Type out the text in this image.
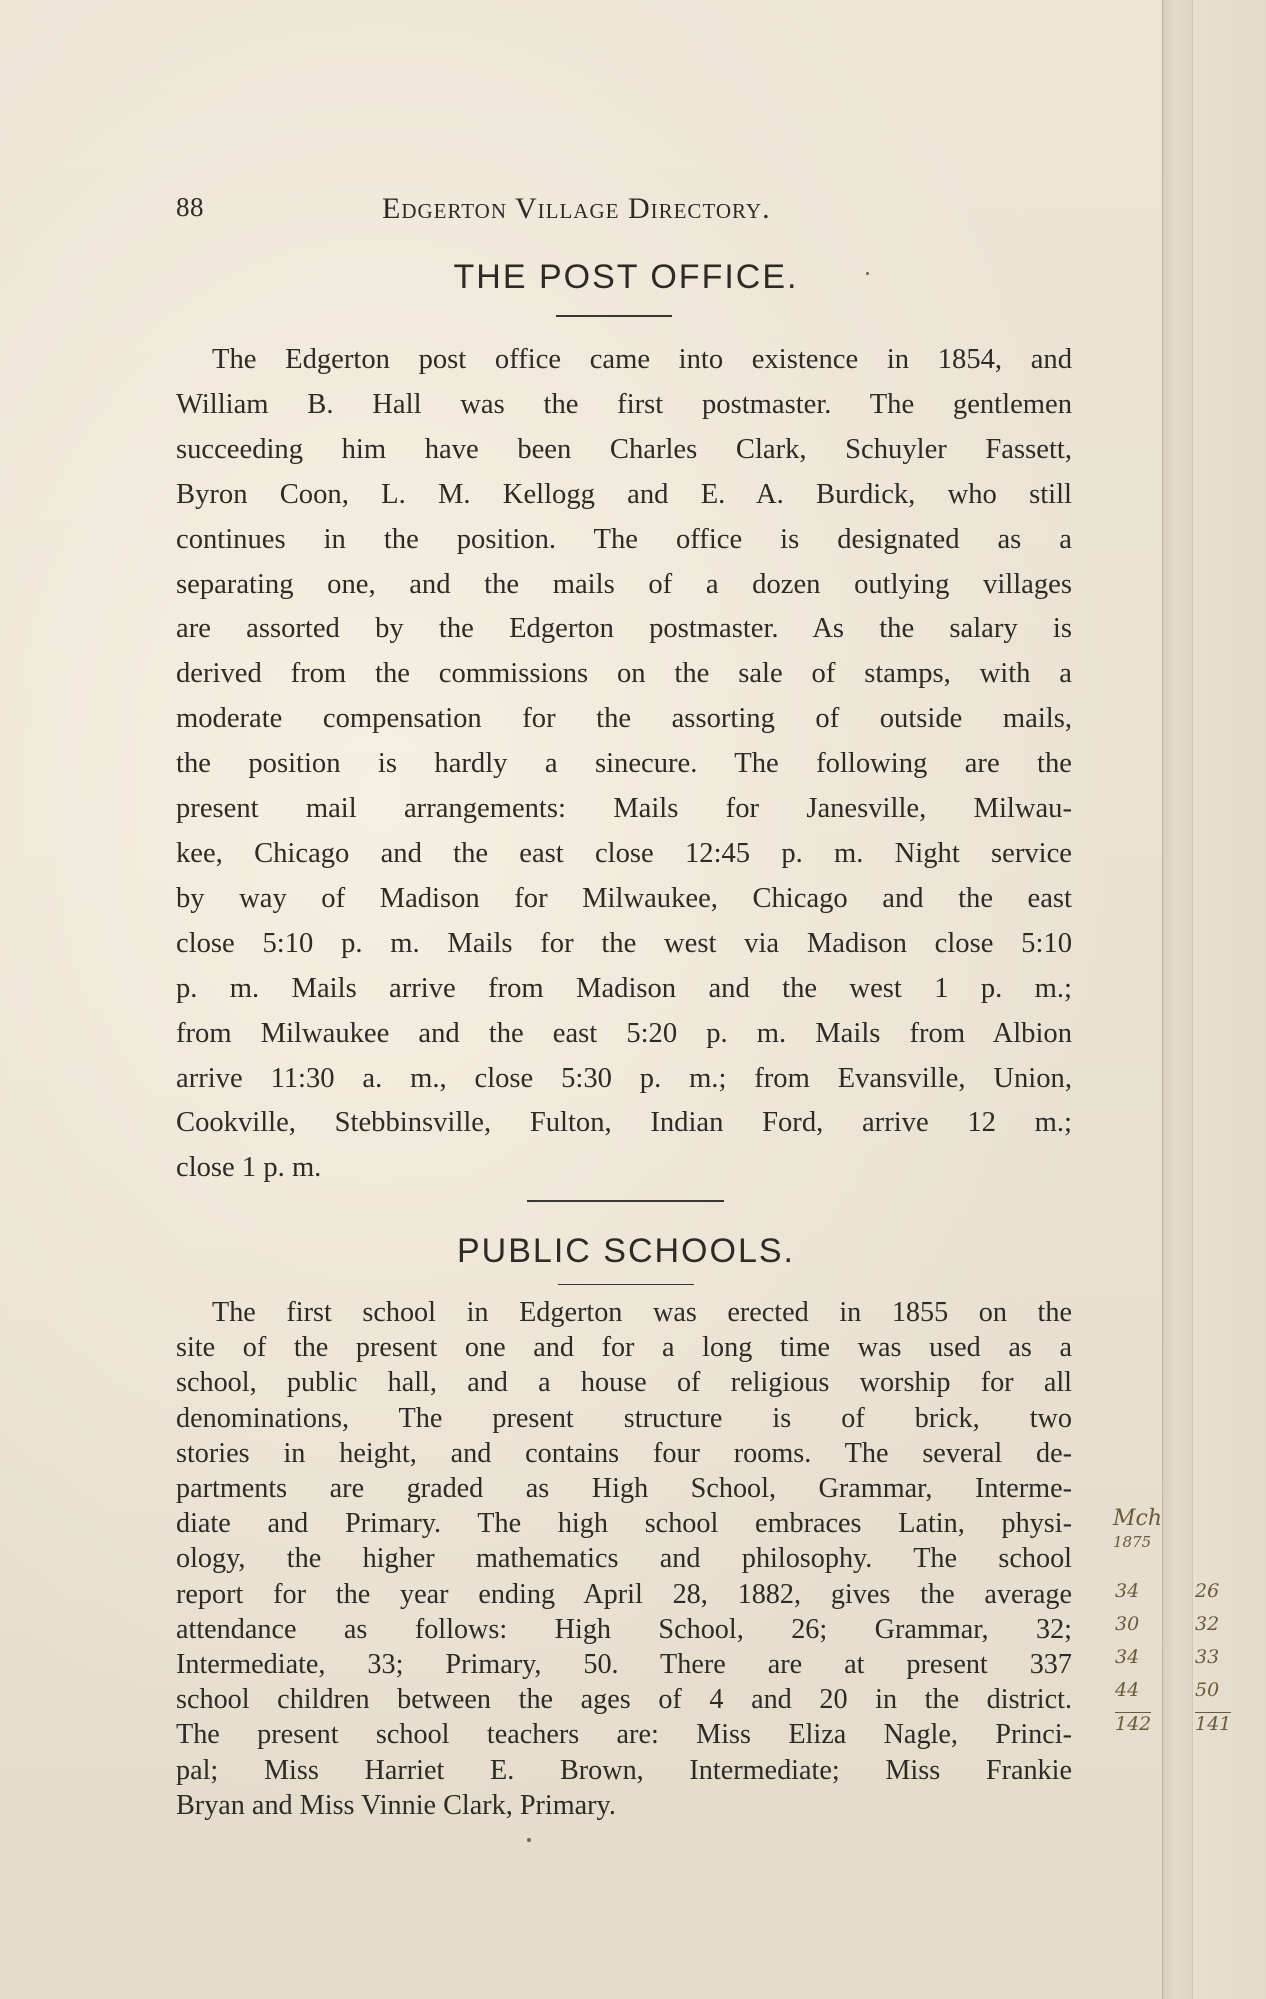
88	Edgerton Village Directory.
THE POST OFFICE.
The Edgerton post office came into existence in 1854, and
William B. Hall was the first postmaster. The gentlemen
succeeding him have been Charles Clark, Schuyler Fassett,
Byron Coon, L. M. Kellogg and E. A. Burdick, who still
continues in the position. The office is designated as a
separating one, and the mails of a dozen outlying villages
are assorted by the Edgerton postmaster. As the salary is
derived from the commissions on the sale of stamps, with a
moderate compensation for the assorting of outside mails,
the position is hardly a sinecure. The following are the
present mail arrangements: Mails for Janesville, Milwau-
kee, Chicago and the east close 12:45 p. m. Night service
by way of Madison for Milwaukee, Chicago and the east
close 5:10 p. m. Mails for the west via Madison close 5:10
p. m. Mails arrive from Madison and the west 1 p. m.;
from Milwaukee and the east 5:20 p. m. Mails from Albion
arrive 11:30 a. m., close 5:30 p. m.; from Evansville, Union,
Cookville, Stebbinsville, Fulton, Indian Ford, arrive 12 m.;
close 1 p. m.
PUBLIC SCHOOLS.
The first school in Edgerton was erected in 1855 on the
site of the present one and for a long time was used as a
school, public hall, and a house of religious worship for all
denominations, The present structure is of brick, two
stories in height, and contains four rooms. The several de-
partments are graded as High School, Grammar, Interme-
diate and Primary. The high school embraces Latin, physi-
ology, the higher mathematics and philosophy. The school
report for the year ending April 28, 1882, gives the average
attendance as follows: High School, 26; Grammar, 32;
Intermediate, 33; Primary, 50. There are at present 337
school children between the ages of 4 and 20 in the district.
The present school teachers are: Miss Eliza Nagle, Princi-
pal; Miss Harriet E. Brown, Intermediate; Miss Frankie
Bryan and Miss Vinnie Clark, Primary.
Mch
1875
34
30
34
44
142
26
32
33
50
141
